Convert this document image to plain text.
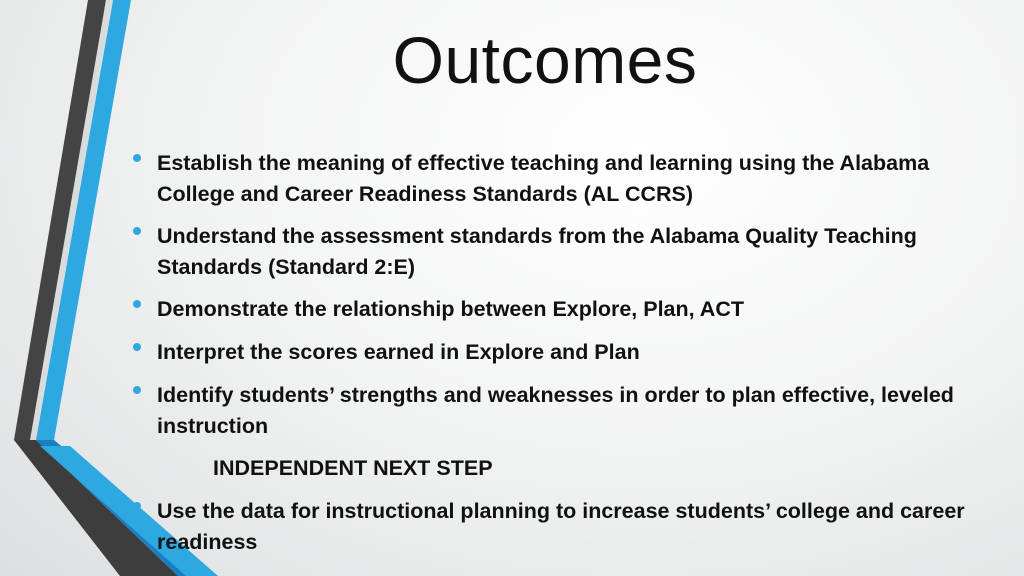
Outcomes
Establish the meaning of effective teaching and learning using the Alabama College and Career Readiness Standards (AL CCRS)
Understand the assessment standards from the Alabama Quality Teaching Standards (Standard 2:E)
Demonstrate the relationship between Explore, Plan, ACT
Interpret the scores earned in Explore and Plan
Identify students’ strengths and weaknesses in order to plan effective, leveled instruction
INDEPENDENT NEXT STEP
Use the data for instructional planning to increase students’ college and career readiness
